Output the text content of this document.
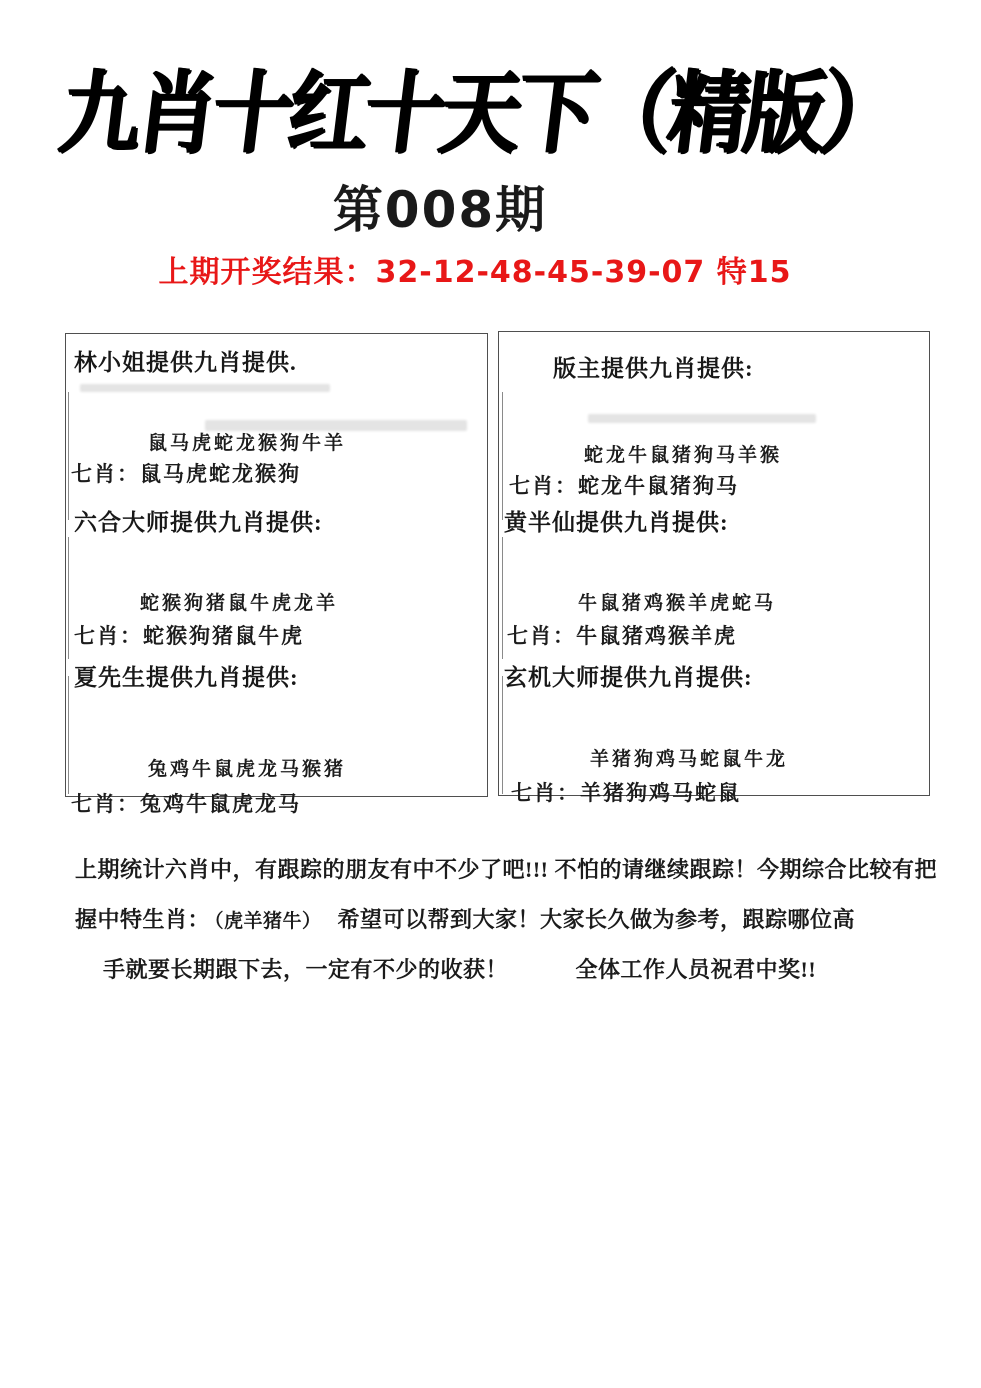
九肖十红十天下（精版）
第008期
上期开奖结果：32-12-48-45-39-07 特15
林小姐提供九肖提供.
鼠马虎蛇龙猴狗牛羊
七肖：鼠马虎蛇龙猴狗
六合大师提供九肖提供:
蛇猴狗猪鼠牛虎龙羊
七肖：蛇猴狗猪鼠牛虎
夏先生提供九肖提供:
兔鸡牛鼠虎龙马猴猪
七肖：兔鸡牛鼠虎龙马
版主提供九肖提供:
蛇龙牛鼠猪狗马羊猴
七肖：蛇龙牛鼠猪狗马
黄半仙提供九肖提供:
牛鼠猪鸡猴羊虎蛇马
七肖：牛鼠猪鸡猴羊虎
玄机大师提供九肖提供:
羊猪狗鸡马蛇鼠牛龙
七肖：羊猪狗鸡马蛇鼠
上期统计六肖中，有跟踪的朋友有中不少了吧!!! 不怕的请继续跟踪！今期综合比较有把
握中特生肖： （虎羊猪牛） 希望可以帮到大家！大家长久做为参考，跟踪哪位高
手就要长期跟下去，一定有不少的收获！　　　全体工作人员祝君中奖!!
